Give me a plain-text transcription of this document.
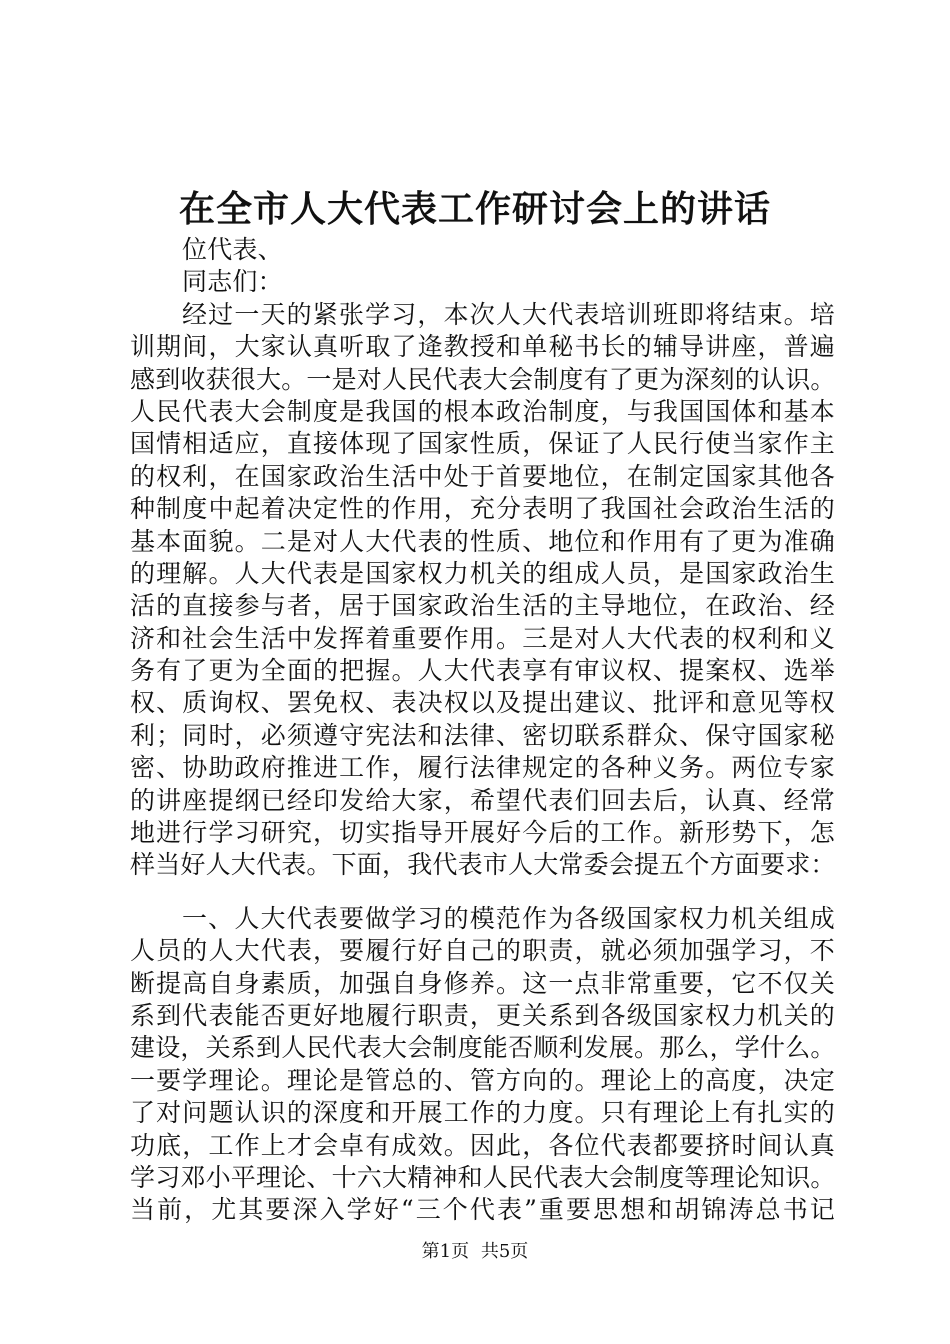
在全市人大代表工作研讨会上的讲话

位代表、

同志们：

经过一天的紧张学习，本次人大代表培训班即将结束。培

训期间，大家认真听取了逄教授和单秘书长的辅导讲座，普遍

感到收获很大。一是对人民代表大会制度有了更为深刻的认识。

人民代表大会制度是我国的根本政治制度，与我国国体和基本

国情相适应，直接体现了国家性质，保证了人民行使当家作主

的权利，在国家政治生活中处于首要地位，在制定国家其他各

种制度中起着决定性的作用，充分表明了我国社会政治生活的

基本面貌。二是对人大代表的性质、地位和作用有了更为准确

的理解。人大代表是国家权力机关的组成人员，是国家政治生

活的直接参与者，居于国家政治生活的主导地位，在政治、经

济和社会生活中发挥着重要作用。三是对人大代表的权利和义

务有了更为全面的把握。人大代表享有审议权、提案权、选举

权、质询权、罢免权、表决权以及提出建议、批评和意见等权

利；同时，必须遵守宪法和法律、密切联系群众、保守国家秘

密、协助政府推进工作，履行法律规定的各种义务。两位专家

的讲座提纲已经印发给大家，希望代表们回去后，认真、经常

地进行学习研究，切实指导开展好今后的工作。新形势下，怎

样当好人大代表。下面，我代表市人大常委会提五个方面要求：

一、人大代表要做学习的模范作为各级国家权力机关组成

人员的人大代表，要履行好自己的职责，就必须加强学习，不

断提高自身素质，加强自身修养。这一点非常重要，它不仅关

系到代表能否更好地履行职责，更关系到各级国家权力机关的

建设，关系到人民代表大会制度能否顺利发展。那么，学什么。

一要学理论。理论是管总的、管方向的。理论上的高度，决定

了对问题认识的深度和开展工作的力度。只有理论上有扎实的

功底，工作上才会卓有成效。因此，各位代表都要挤时间认真

学习邓小平理论、十六大精神和人民代表大会制度等理论知识。

当前，尤其要深入学好“三个代表”重要思想和胡锦涛总书记

第1页 共5页
